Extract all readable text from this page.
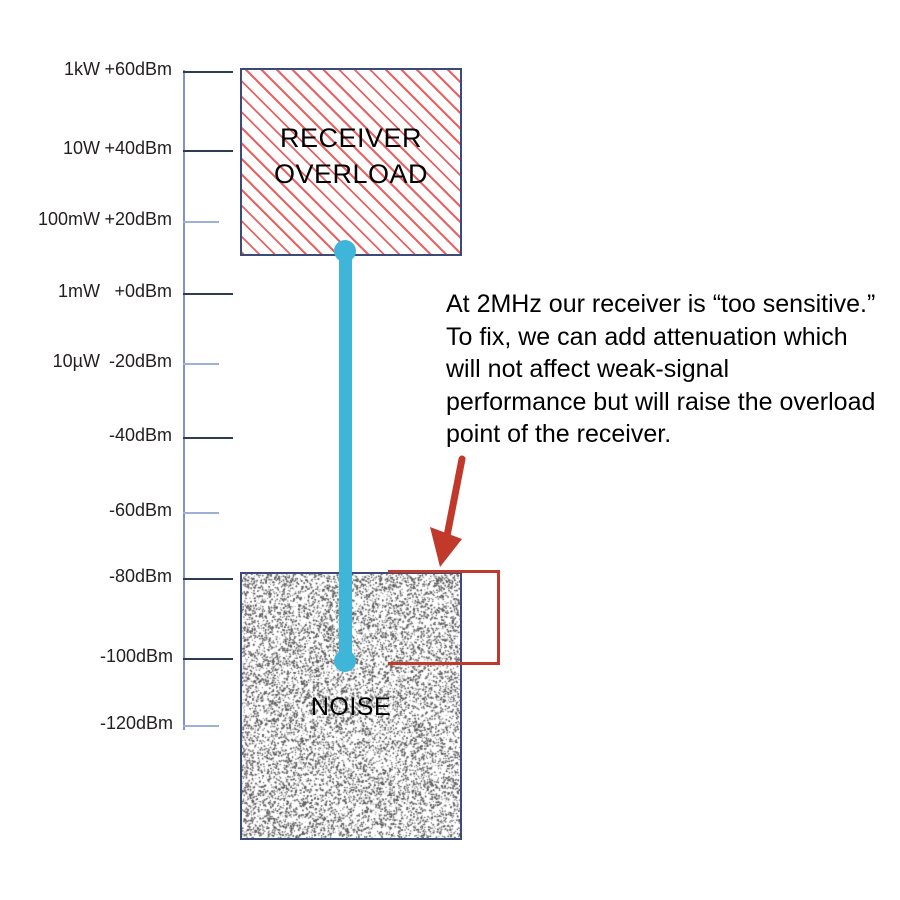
1kW +60dBm
10W +40dBm
100mW +20dBm
1mW +0dBm
10µW -20dBm
-40dBm
-60dBm
-80dBm
-100dBm
-120dBm
RECEIVER
OVERLOAD
NOISE
At 2MHz our receiver is “too sensitive.” To fix, we can add attenuation which will not affect weak-signal performance but will raise the overload point of the receiver.
